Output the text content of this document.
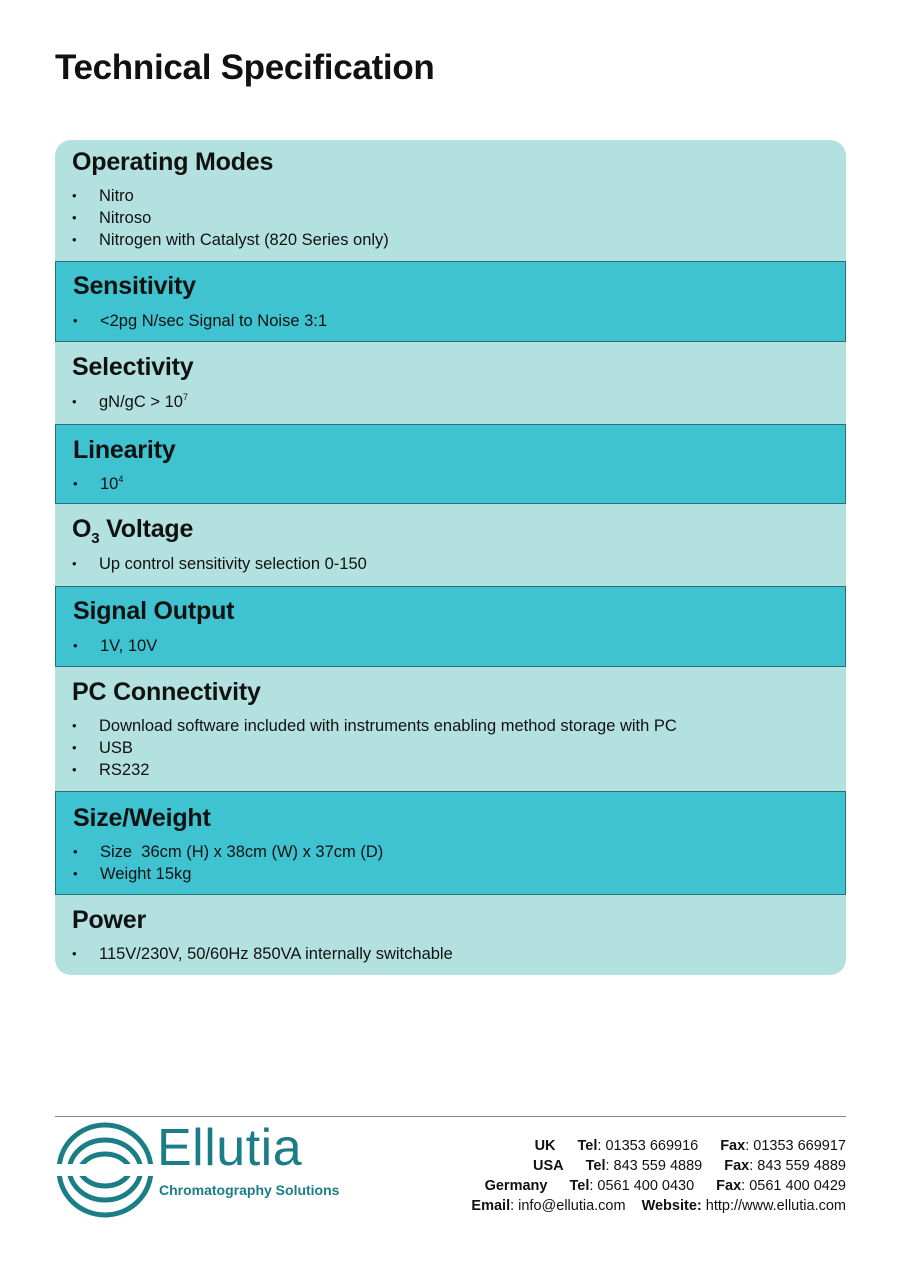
Technical Specification
Operating Modes
• Nitro
• Nitroso
• Nitrogen with Catalyst (820 Series only)
Sensitivity
• <2pg N/sec Signal to Noise 3:1
Selectivity
• $gN/gC > 10^7$
Linearity
• $10^4$
$O_3$ Voltage
• Up control sensitivity selection 0-150
Signal Output
• 1V, 10V
PC Connectivity
• Download software included with instruments enabling method storage with PC
• USB
• RS232
Size/Weight
• Size  36cm (H) x 38cm (W) x 37cm (D)
• Weight 15kg
Power
• 115V/230V, 50/60Hz 850VA internally switchable
Ellutia
Chromatography Solutions
UK Tel: 01353 669916 Fax: 01353 669917
USA Tel: 843 559 4889 Fax: 843 559 4889
Germany Tel: 0561 400 0430 Fax: 0561 400 0429
Email: info@ellutia.com Website: http://www.ellutia.com
